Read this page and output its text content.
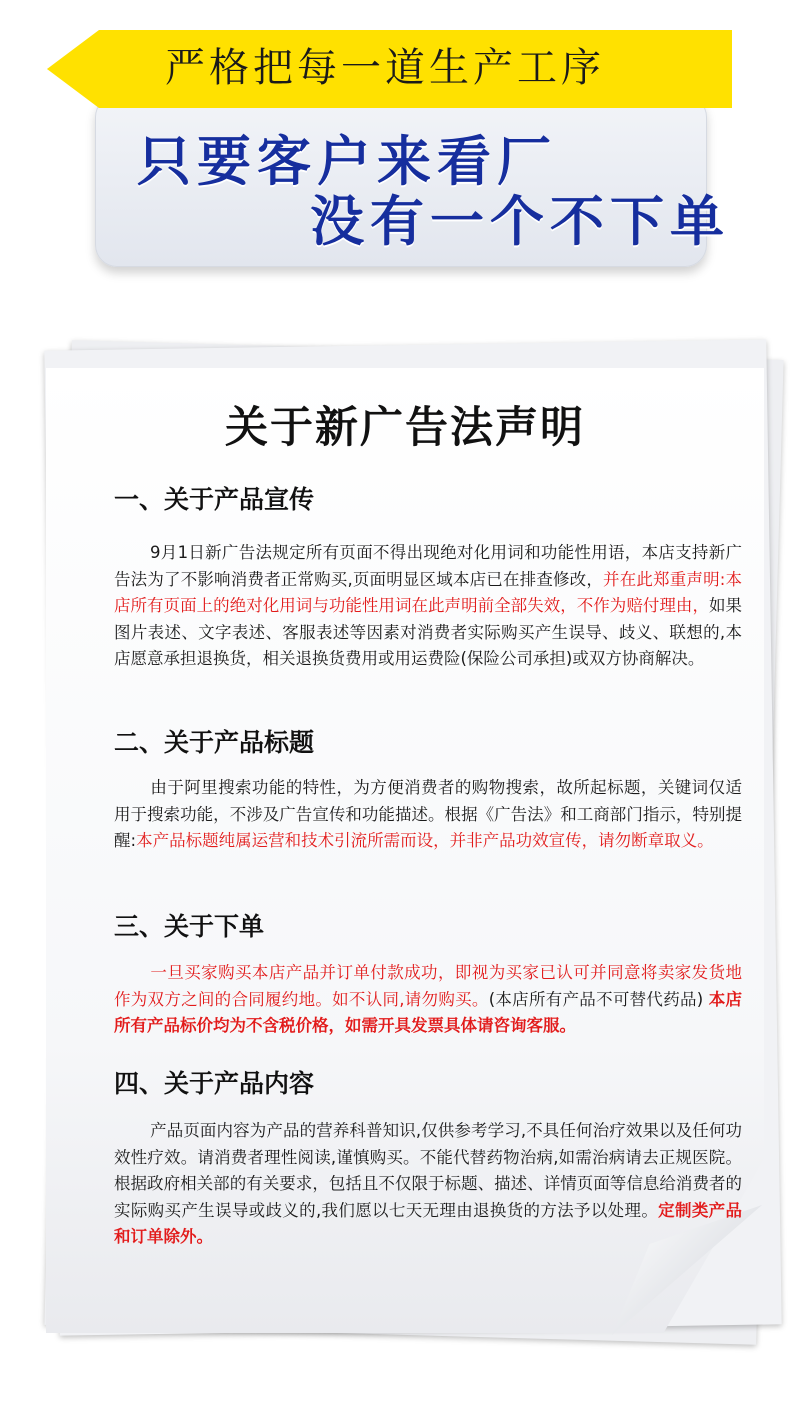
严格把每一道生产工序
只要客户来看厂
没有一个不下单
关于新广告法声明
一、关于产品宣传
9月1日新广告法规定所有页面不得出现绝对化用词和功能性用语，本店支持新广告法为了不影响消费者正常购买,页面明显区域本店已在排查修改，并在此郑重声明:本店所有页面上的绝对化用词与功能性用词在此声明前全部失效，不作为赔付理由，如果图片表述、文字表述、客服表述等因素对消费者实际购买产生误导、歧义、联想的,本店愿意承担退换货，相关退换货费用或用运费险(保险公司承担)或双方协商解决。
二、关于产品标题
由于阿里搜索功能的特性，为方便消费者的购物搜索，故所起标题，关键词仅适用于搜索功能，不涉及广告宣传和功能描述。根据《广告法》和工商部门指示，特别提醒:本产品标题纯属运营和技术引流所需而设，并非产品功效宣传，请勿断章取义。
三、关于下单
一旦买家购买本店产品并订单付款成功，即视为买家已认可并同意将卖家发货地作为双方之间的合同履约地。如不认同,请勿购买。(本店所有产品不可替代药品) 本店所有产品标价均为不含税价格，如需开具发票具体请咨询客服。
四、关于产品内容
产品页面内容为产品的营养科普知识,仅供参考学习,不具任何治疗效果以及任何功效性疗效。请消费者理性阅读,谨慎购买。不能代替药物治病,如需治病请去正规医院。根据政府相关部的有关要求，包括且不仅限于标题、描述、详情页面等信息给消费者的实际购买产生误导或歧义的,我们愿以七天无理由退换货的方法予以处理。定制类产品和订单除外。
